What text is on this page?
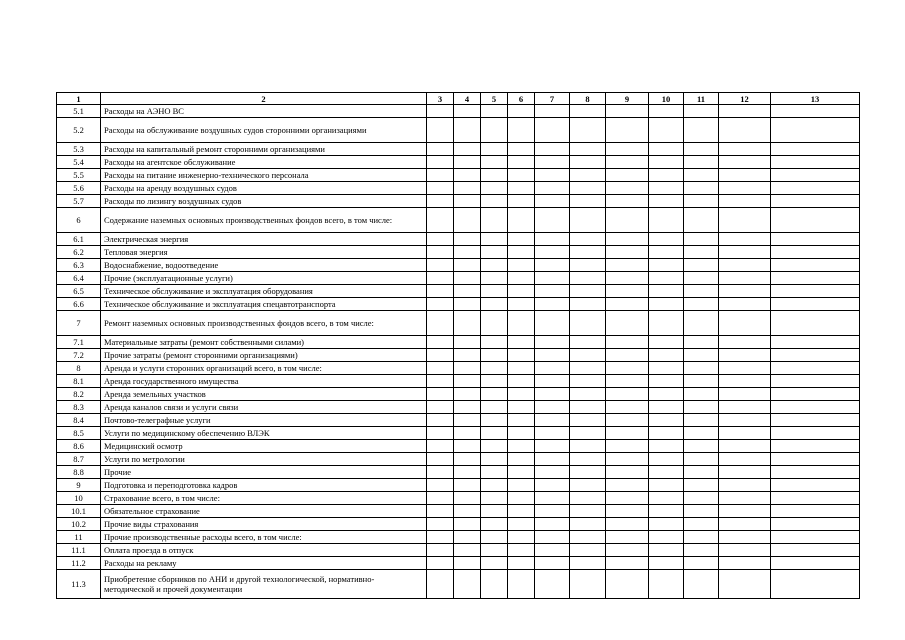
1	2	3	4	5	6	7	8	9	10	11	12	13
5.1	Расходы на АЭНО ВС											
5.2	Расходы на обслуживание воздушных судов сторонними организациями											
5.3	Расходы на капитальный ремонт сторонними организациями											
5.4	Расходы на агентское обслуживание											
5.5	Расходы на питание инженерно-технического персонала											
5.6	Расходы на аренду воздушных судов											
5.7	Расходы по лизингу воздушных судов											
6	Содержание наземных основных производственных фондов всего, в том числе:											
6.1	Электрическая энергия											
6.2	Тепловая энергия											
6.3	Водоснабжение, водоотведение											
6.4	Прочие (эксплуатационные услуги)											
6.5	Техническое обслуживание и эксплуатация оборудования											
6.6	Техническое обслуживание и эксплуатация спецавтотранспорта											
7	Ремонт наземных основных производственных фондов всего, в том числе:											
7.1	Материальные затраты (ремонт собственными силами)											
7.2	Прочие затраты (ремонт сторонними организациями)											
8	Аренда и услуги сторонних организаций всего, в том числе:											
8.1	Аренда государственного имущества											
8.2	Аренда земельных участков											
8.3	Аренда каналов связи и услуги связи											
8.4	Почтово-телеграфные услуги											
8.5	Услуги по медицинскому обеспечению ВЛЭК											
8.6	Медицинский осмотр											
8.7	Услуги по метрологии											
8.8	Прочие											
9	Подготовка и переподготовка кадров											
10	Страхование всего, в том числе:											
10.1	Обязательное страхование											
10.2	Прочие виды страхования											
11	Прочие производственные расходы всего, в том числе:											
11.1	Оплата проезда в отпуск											
11.2	Расходы на рекламу											
11.3	Приобретение сборников по АНИ и другой технологической, нормативно-методической и прочей документации											
